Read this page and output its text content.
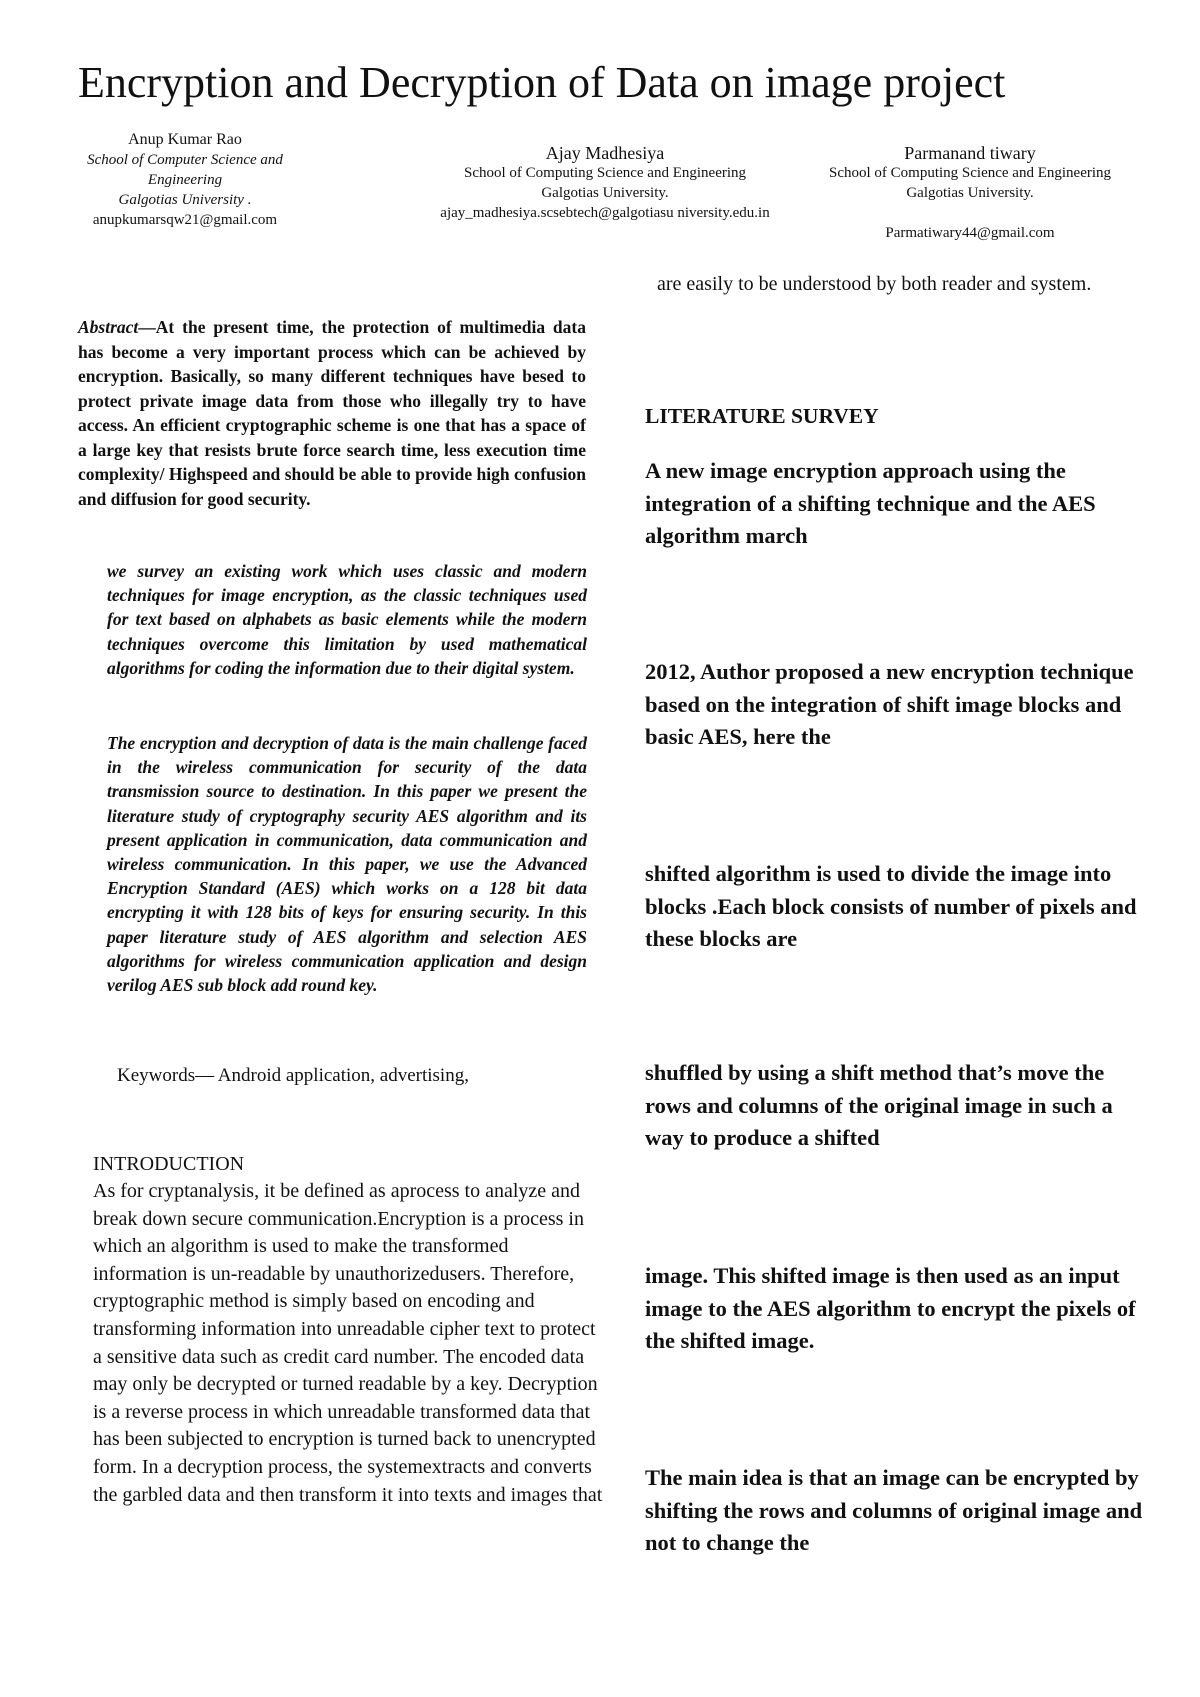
Encryption and Decryption of Data on image project
Anup Kumar Rao
School of Computer Science and Engineering
Galgotias University .
anupkumarsqw21@gmail.com
Ajay Madhesiya
School of Computing Science and Engineering
Galgotias University.
ajay_madhesiya.scsebtech@galgotiasu niversity.edu.in
Parmanand tiwary
School of Computing Science and Engineering
Galgotias University.
Parmatiwary44@gmail.com
are easily to be understood by both reader and system.
Abstract—At the present time, the protection of multimedia data has become a very important process which can be achieved by encryption. Basically, so many different techniques have besed to protect private image data from those who illegally try to have access. An efficient cryptographic scheme is one that has a space of a large key that resists brute force search time, less execution time complexity/ Highspeed and should be able to provide high confusion and diffusion for good security.
we survey an existing work which uses classic and modern techniques for image encryption, as the classic techniques used for text based on alphabets as basic elements while the modern techniques overcome this limitation by used mathematical algorithms for coding the information due to their digital system.
The encryption and decryption of data is the main challenge faced in the wireless communication for security of the data transmission source to destination. In this paper we present the literature study of cryptography security AES algorithm and its present application in communication, data communication and wireless communication. In this paper, we use the Advanced Encryption Standard (AES) which works on a 128 bit data encrypting it with 128 bits of keys for ensuring security. In this paper literature study of AES algorithm and selection AES algorithms for wireless communication application and design verilog AES sub block add round key.
Keywords— Android application, advertising,
INTRODUCTION
As for cryptanalysis, it be defined as aprocess to analyze and break down secure communication.Encryption is a process in which an algorithm is used to make the transformed information is un-readable by unauthorizedusers. Therefore, cryptographic method is simply based on encoding and transforming information into unreadable cipher text to protect a sensitive data such as credit card number. The encoded data may only be decrypted or turned readable by a key. Decryption is a reverse process in which unreadable transformed data that has been subjected to encryption is turned back to unencrypted form. In a decryption process, the systemextracts and converts the garbled data and then transform it into texts and images that
LITERATURE SURVEY
A new image encryption approach using the integration of a shifting technique and the AES algorithm march
2012, Author proposed a new encryption technique based on the integration of shift image blocks and basic AES, here the
shifted algorithm is used to divide the image into blocks .Each block consists of number of pixels and these blocks are
shuffled by using a shift method that’s move the rows and columns of the original image in such a way to produce a shifted
image. This shifted image is then used as an input image to the AES algorithm to encrypt the pixels of the shifted image.
The main idea is that an image can be encrypted by shifting the rows and columns of original image and not to change the
